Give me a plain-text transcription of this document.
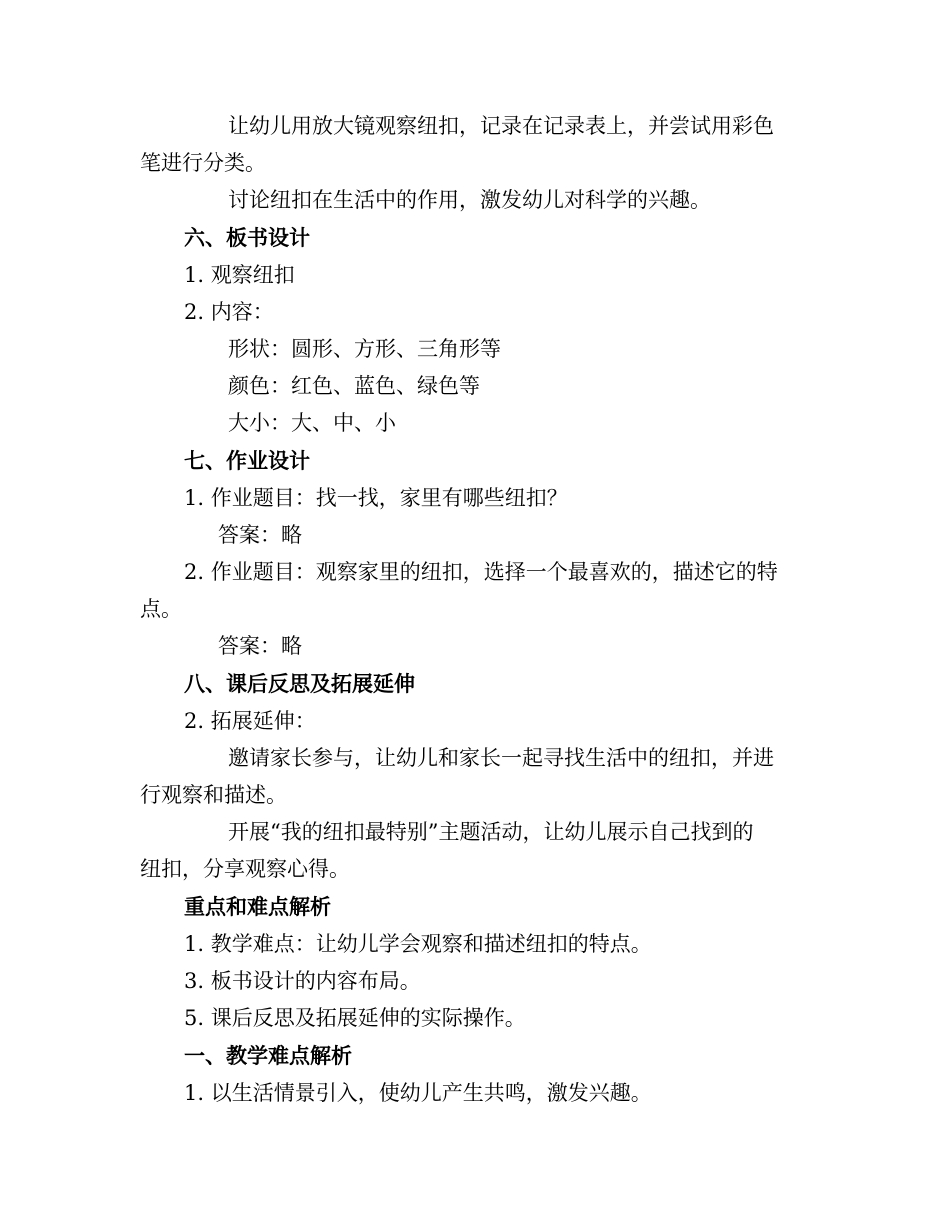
让幼儿用放大镜观察纽扣，记录在记录表上，并尝试用彩色
笔进行分类。
讨论纽扣在生活中的作用，激发幼儿对科学的兴趣。
六、板书设计
1. 观察纽扣
2. 内容：
形状：圆形、方形、三角形等
颜色：红色、蓝色、绿色等
大小：大、中、小
七、作业设计
1. 作业题目：找一找，家里有哪些纽扣？
答案：略
2. 作业题目：观察家里的纽扣，选择一个最喜欢的，描述它的特
点。
答案：略
八、课后反思及拓展延伸
2. 拓展延伸：
邀请家长参与，让幼儿和家长一起寻找生活中的纽扣，并进
行观察和描述。
开展“我的纽扣最特别”主题活动，让幼儿展示自己找到的
纽扣，分享观察心得。
重点和难点解析
1. 教学难点：让幼儿学会观察和描述纽扣的特点。
3. 板书设计的内容布局。
5. 课后反思及拓展延伸的实际操作。
一、教学难点解析
1. 以生活情景引入，使幼儿产生共鸣，激发兴趣。
